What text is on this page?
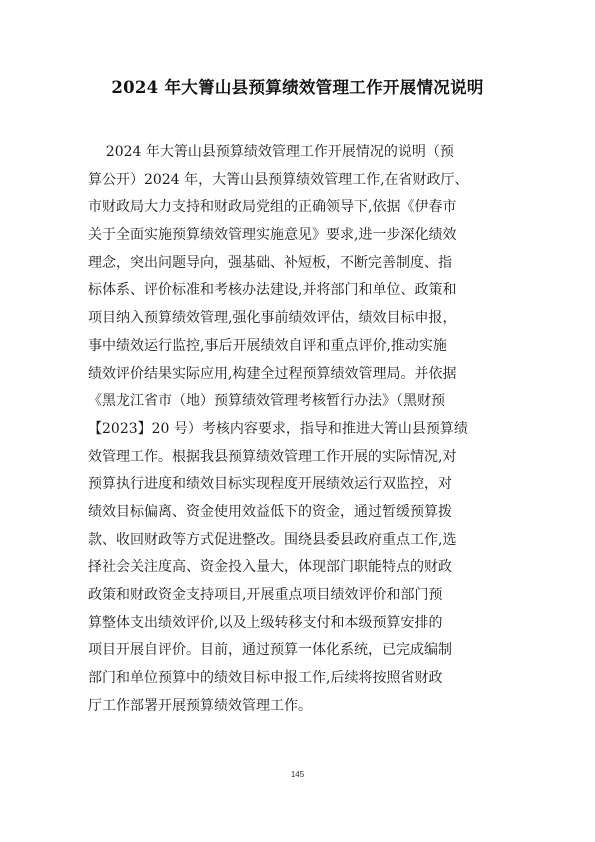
2024 年大箐山县预算绩效管理工作开展情况说明
2024 年大箐山县预算绩效管理工作开展情况的说明（预
算公开）2024 年，大箐山县预算绩效管理工作,在省财政厅、
市财政局大力支持和财政局党组的正确领导下,依据《伊春市
关于全面实施预算绩效管理实施意见》要求,进一步深化绩效
理念，突出问题导向，强基础、补短板，不断完善制度、指
标体系、评价标准和考核办法建设,并将部门和单位、政策和
项目纳入预算绩效管理,强化事前绩效评估，绩效目标申报，
事中绩效运行监控,事后开展绩效自评和重点评价,推动实施
绩效评价结果实际应用,构建全过程预算绩效管理局。并依据
《黑龙江省市（地）预算绩效管理考核暂行办法》（黑财预
【2023】20 号）考核内容要求，指导和推进大箐山县预算绩
效管理工作。根据我县预算绩效管理工作开展的实际情况,对
预算执行进度和绩效目标实现程度开展绩效运行双监控，对
绩效目标偏离、资金使用效益低下的资金，通过暂缓预算拨
款、收回财政等方式促进整改。围绕县委县政府重点工作,选
择社会关注度高、资金投入量大，体现部门职能特点的财政
政策和财政资金支持项目,开展重点项目绩效评价和部门预
算整体支出绩效评价,以及上级转移支付和本级预算安排的
项目开展自评价。目前，通过预算一体化系统，已完成编制
部门和单位预算中的绩效目标申报工作,后续将按照省财政
厅工作部署开展预算绩效管理工作。
145
